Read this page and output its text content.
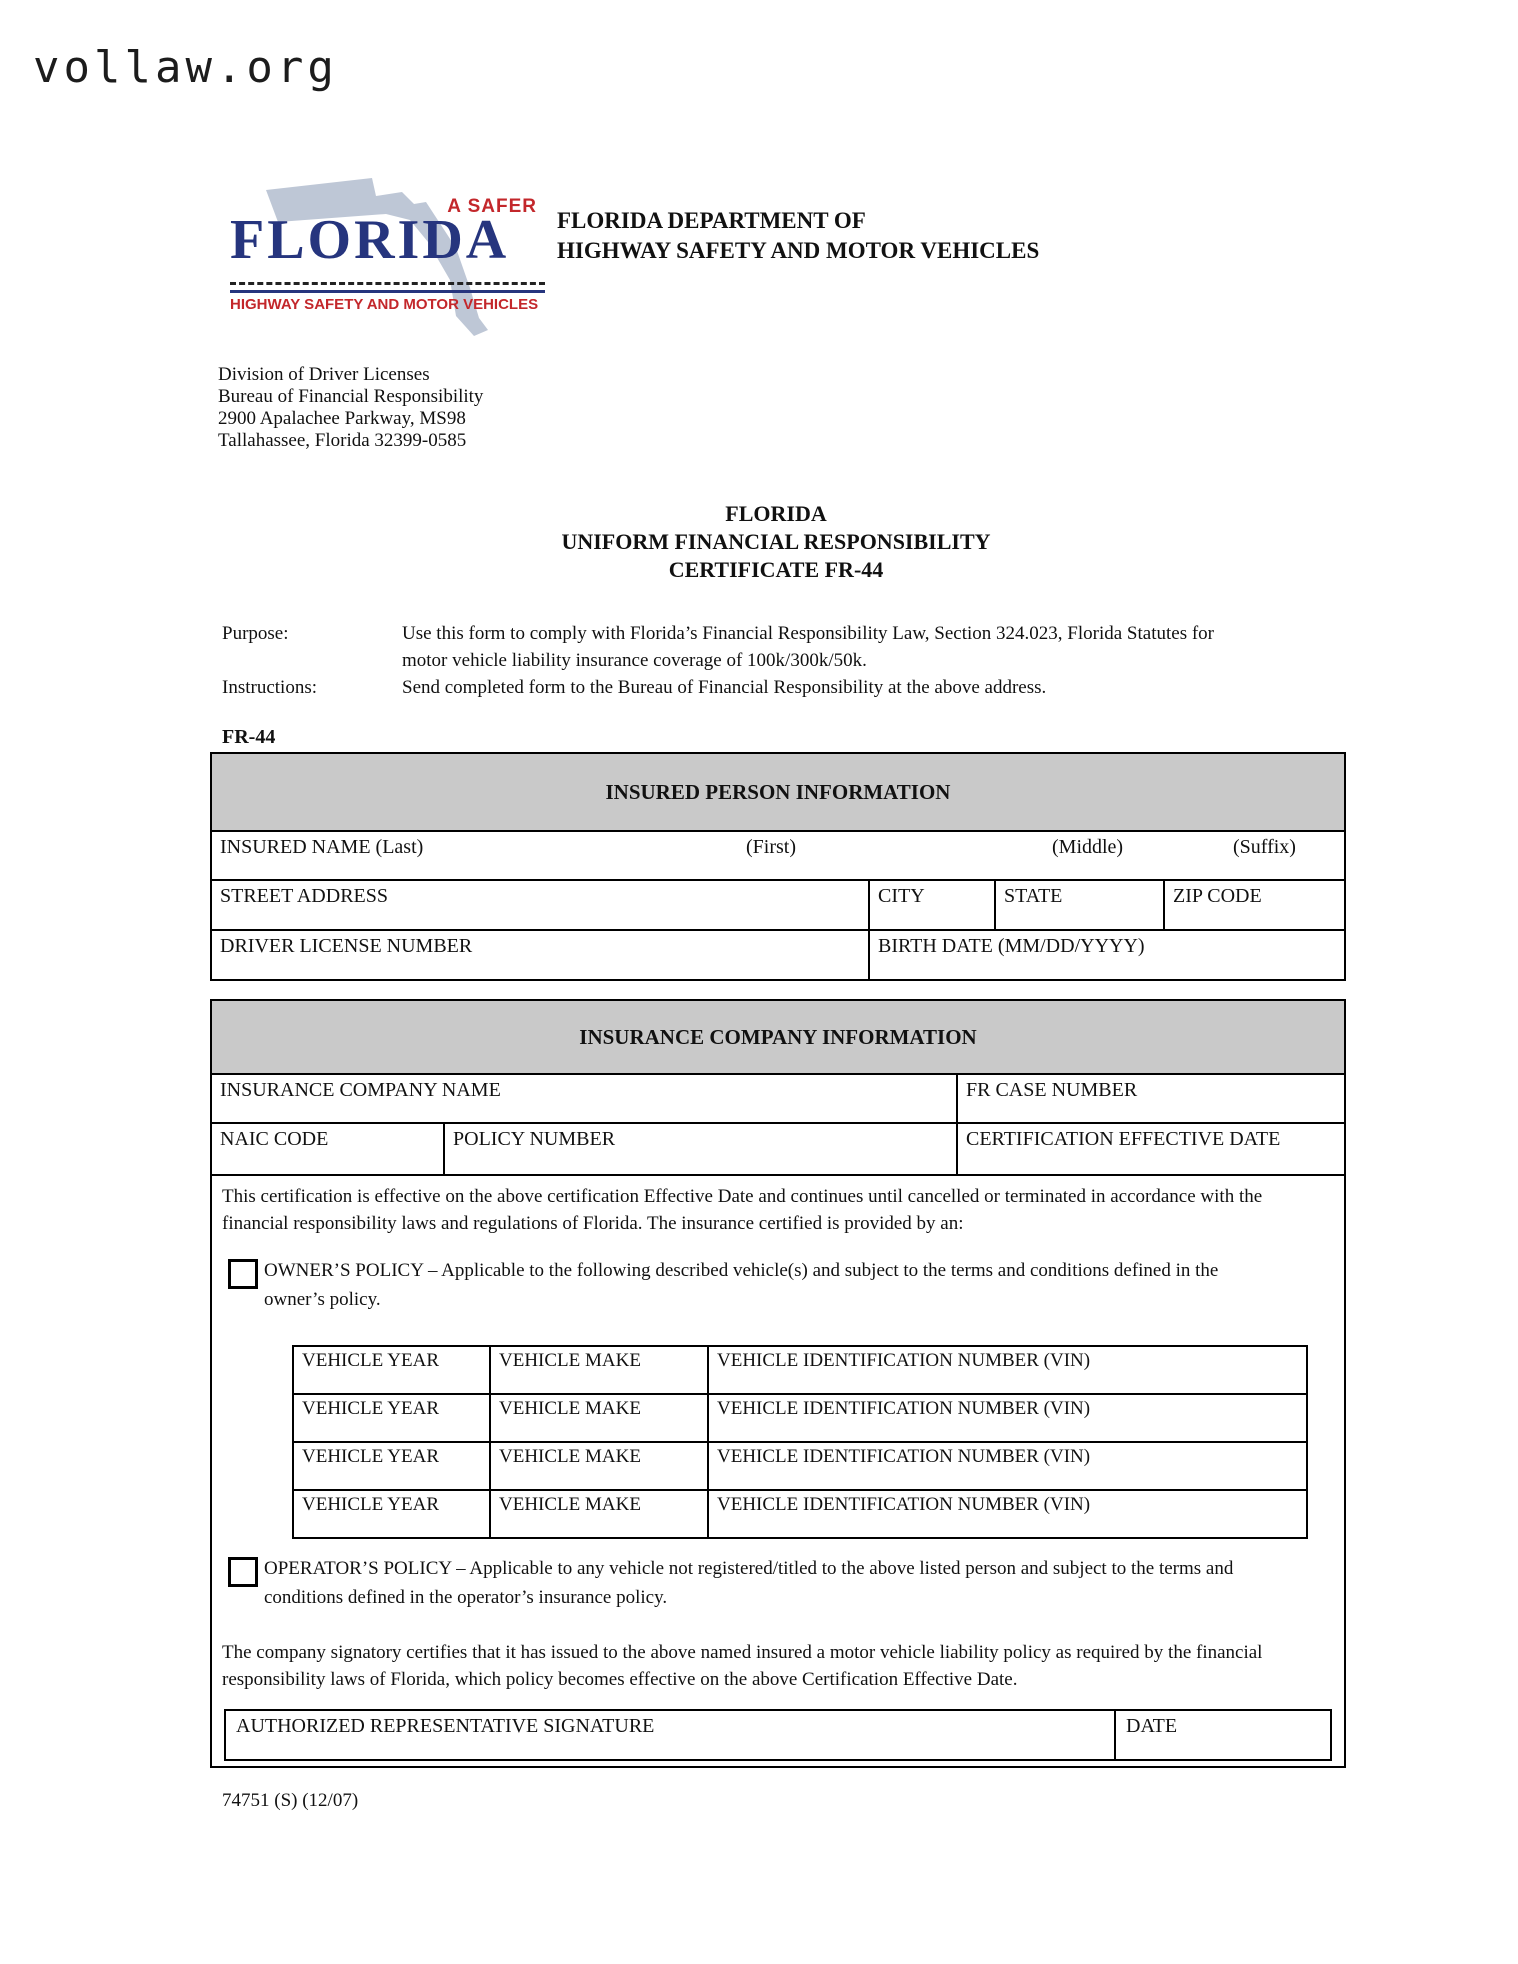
vollaw.org
A SAFER
FLORIDA
HIGHWAY SAFETY AND MOTOR VEHICLES
FLORIDA DEPARTMENT OF
HIGHWAY SAFETY AND MOTOR VEHICLES
Division of Driver Licenses
Bureau of Financial Responsibility
2900 Apalachee Parkway, MS98
Tallahassee, Florida 32399-0585
FLORIDA
UNIFORM FINANCIAL RESPONSIBILITY
CERTIFICATE FR-44
Purpose:	Use this form to comply with Florida’s Financial Responsibility Law, Section 324.023, Florida Statutes for motor vehicle liability insurance coverage of 100k/300k/50k.
Instructions:	Send completed form to the Bureau of Financial Responsibility at the above address.
FR-44
INSURED PERSON INFORMATION
INSURED NAME (Last)	(First)	(Middle)	(Suffix)
STREET ADDRESS	CITY	STATE	ZIP CODE
DRIVER LICENSE NUMBER	BIRTH DATE (MM/DD/YYYY)
INSURANCE COMPANY INFORMATION
INSURANCE COMPANY NAME	FR CASE NUMBER
NAIC CODE	POLICY NUMBER	CERTIFICATION EFFECTIVE DATE
This certification is effective on the above certification Effective Date and continues until cancelled or terminated in accordance with the financial responsibility laws and regulations of Florida. The insurance certified is provided by an:
OWNER’S POLICY – Applicable to the following described vehicle(s) and subject to the terms and conditions defined in the owner’s policy.
VEHICLE YEAR	VEHICLE MAKE	VEHICLE IDENTIFICATION NUMBER (VIN)
VEHICLE YEAR	VEHICLE MAKE	VEHICLE IDENTIFICATION NUMBER (VIN)
VEHICLE YEAR	VEHICLE MAKE	VEHICLE IDENTIFICATION NUMBER (VIN)
VEHICLE YEAR	VEHICLE MAKE	VEHICLE IDENTIFICATION NUMBER (VIN)
OPERATOR’S POLICY – Applicable to any vehicle not registered/titled to the above listed person and subject to the terms and conditions defined in the operator’s insurance policy.
The company signatory certifies that it has issued to the above named insured a motor vehicle liability policy as required by the financial responsibility laws of Florida, which policy becomes effective on the above Certification Effective Date.
AUTHORIZED REPRESENTATIVE SIGNATURE	DATE
74751 (S) (12/07)
